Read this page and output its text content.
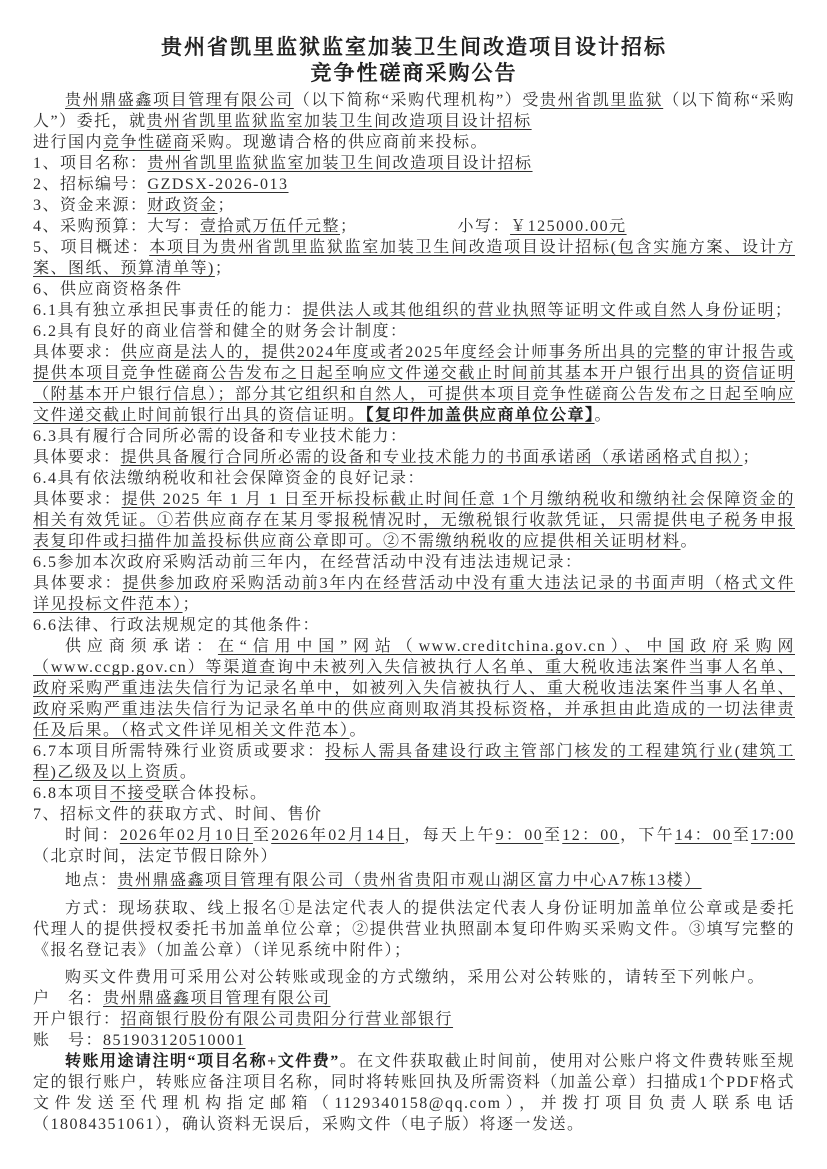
贵州省凯里监狱监室加装卫生间改造项目设计招标
竞争性磋商采购公告

贵州鼎盛鑫项目管理有限公司（以下简称“采购代理机构”）受贵州省凯里监狱（以下简称“采购人”）委托，就贵州省凯里监狱监室加装卫生间改造项目设计招标
进行国内竞争性磋商采购。现邀请合格的供应商前来投标。

1、项目名称：贵州省凯里监狱监室加装卫生间改造项目设计招标

2、招标编号：GZDSX-2026-013

3、资金来源：财政资金；

4、采购预算：大写：壹拾贰万伍仟元整；	小写：￥125000.00元

5、项目概述：本项目为贵州省凯里监狱监室加装卫生间改造项目设计招标(包含实施方案、设计方案、图纸、预算清单等)；

6、供应商资格条件

6.1具有独立承担民事责任的能力：提供法人或其他组织的营业执照等证明文件或自然人身份证明；

6.2具有良好的商业信誉和健全的财务会计制度：

具体要求：供应商是法人的，提供2024年度或者2025年度经会计师事务所出具的完整的审计报告或提供本项目竞争性磋商公告发布之日起至响应文件递交截止时间前其基本开户银行出具的资信证明（附基本开户银行信息）；部分其它组织和自然人，可提供本项目竞争性磋商公告发布之日起至响应文件递交截止时间前银行出具的资信证明。【复印件加盖供应商单位公章】。

6.3具有履行合同所必需的设备和专业技术能力：

具体要求：提供具备履行合同所必需的设备和专业技术能力的书面承诺函（承诺函格式自拟）；

6.4具有依法缴纳税收和社会保障资金的良好记录：

具体要求：提供 2025 年 1 月 1 日至开标投标截止时间任意 1个月缴纳税收和缴纳社会保障资金的相关有效凭证。①若供应商存在某月零报税情况时，无缴税银行收款凭证，只需提供电子税务申报表复印件或扫描件加盖投标供应商公章即可。②不需缴纳税收的应提供相关证明材料。

6.5参加本次政府采购活动前三年内，在经营活动中没有违法违规记录：

具体要求：提供参加政府采购活动前3年内在经营活动中没有重大违法记录的书面声明（格式文件详见投标文件范本）；

6.6法律、行政法规规定的其他条件：

供应商须承诺：在“信用中国”网站（www.creditchina.gov.cn）、中国政府采购网（www.ccgp.gov.cn）等渠道查询中未被列入失信被执行人名单、重大税收违法案件当事人名单、政府采购严重违法失信行为记录名单中，如被列入失信被执行人、重大税收违法案件当事人名单、政府采购严重违法失信行为记录名单中的供应商则取消其投标资格，并承担由此造成的一切法律责任及后果。（格式文件详见相关文件范本）。

6.7本项目所需特殊行业资质或要求：投标人需具备建设行政主管部门核发的工程建筑行业(建筑工程)乙级及以上资质。

6.8本项目不接受联合体投标。

7、招标文件的获取方式、时间、售价

时间：2026年02月10日至2026年02月14日，每天上午9：00至12：00，下午14：00至17:00（北京时间，法定节假日除外）

地点：贵州鼎盛鑫项目管理有限公司（贵州省贵阳市观山湖区富力中心A7栋13楼）

方式：现场获取、线上报名①是法定代表人的提供法定代表人身份证明加盖单位公章或是委托代理人的提供授权委托书加盖单位公章；②提供营业执照副本复印件购买采购文件。③填写完整的《报名登记表》（加盖公章）（详见系统中附件）；

购买文件费用可采用公对公转账或现金的方式缴纳，采用公对公转账的，请转至下列帐户。

户　名：贵州鼎盛鑫项目管理有限公司

开户银行：招商银行股份有限公司贵阳分行营业部银行

账　号：851903120510001

转账用途请注明“项目名称+文件费”。在文件获取截止时间前，使用对公账户将文件费转账至规定的银行账户，转账应备注项目名称，同时将转账回执及所需资料（加盖公章）扫描成1个PDF格式文件发送至代理机构指定邮箱（1129340158@qq.com），并拨打项目负责人联系电话（18084351061），确认资料无误后，采购文件（电子版）将逐一发送。
